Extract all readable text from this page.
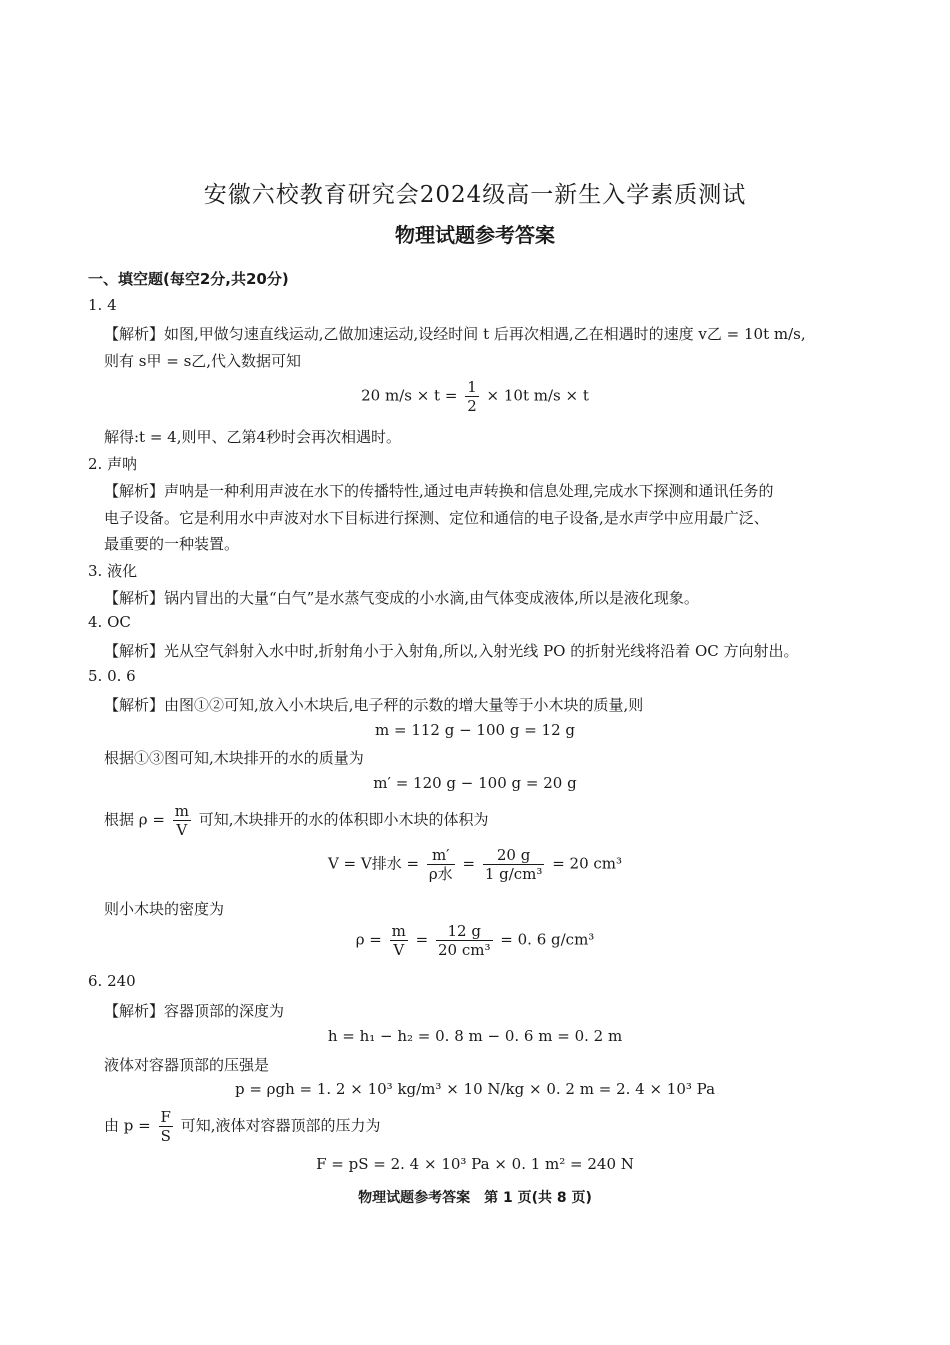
安徽六校教育研究会2024级高一新生入学素质测试
物理试题参考答案
一、填空题(每空2分,共20分)
1. 4
【解析】如图,甲做匀速直线运动,乙做加速运动,设经时间 t 后再次相遇,乙在相遇时的速度 v乙 = 10t m/s,
则有 s甲 = s乙,代入数据可知
20 $m/s \times t = \frac{1}{2} \times 10t$ m/s × t
解得:t = 4,则甲、乙第4秒时会再次相遇时。
2. 声呐
【解析】声呐是一种利用声波在水下的传播特性,通过电声转换和信息处理,完成水下探测和通讯任务的
电子设备。它是利用水中声波对水下目标进行探测、定位和通信的电子设备,是水声学中应用最广泛、
最重要的一种装置。
3. 液化
【解析】锅内冒出的大量“白气”是水蒸气变成的小水滴,由气体变成液体,所以是液化现象。
4. OC
【解析】光从空气斜射入水中时,折射角小于入射角,所以,入射光线 PO 的折射光线将沿着 OC 方向射出。
5. 0. 6
【解析】由图①②可知,放入小木块后,电子秤的示数的增大量等于小木块的质量,则
m = 112 g − 100 g = 12 g
根据①③图可知,木块排开的水的质量为
m′ = 120 g − 100 g = 20 g
根据 $\rho = \frac{m}{V}$ 可知,木块排开的水的体积即小木块的体积为
V = V排水 = $\frac{m'}{\text{ρ水}} = \frac{20 g}{\text{1 g/cm³}} = 20$ cm³
则小木块的密度为
$\rho = \frac{m}{V} = \frac{12 g}{\text{20 cm³}} = 0$. 6 g/cm³
6. 240
【解析】容器顶部的深度为
h = h₁ − h₂ = 0. 8 m − 0. 6 m = 0. 2 m
液体对容器顶部的压强是
p = ρgh = 1. 2 × 10³ kg/m³ × 10 N/kg × 0. 2 m = 2. 4 × 10³ Pa
由 $p = \frac{F}{S}$ 可知,液体对容器顶部的压力为
F = pS = 2. 4 × 10³ Pa × 0. 1 m² = 240 N
物理试题参考答案　第 1 页(共 8 页)
